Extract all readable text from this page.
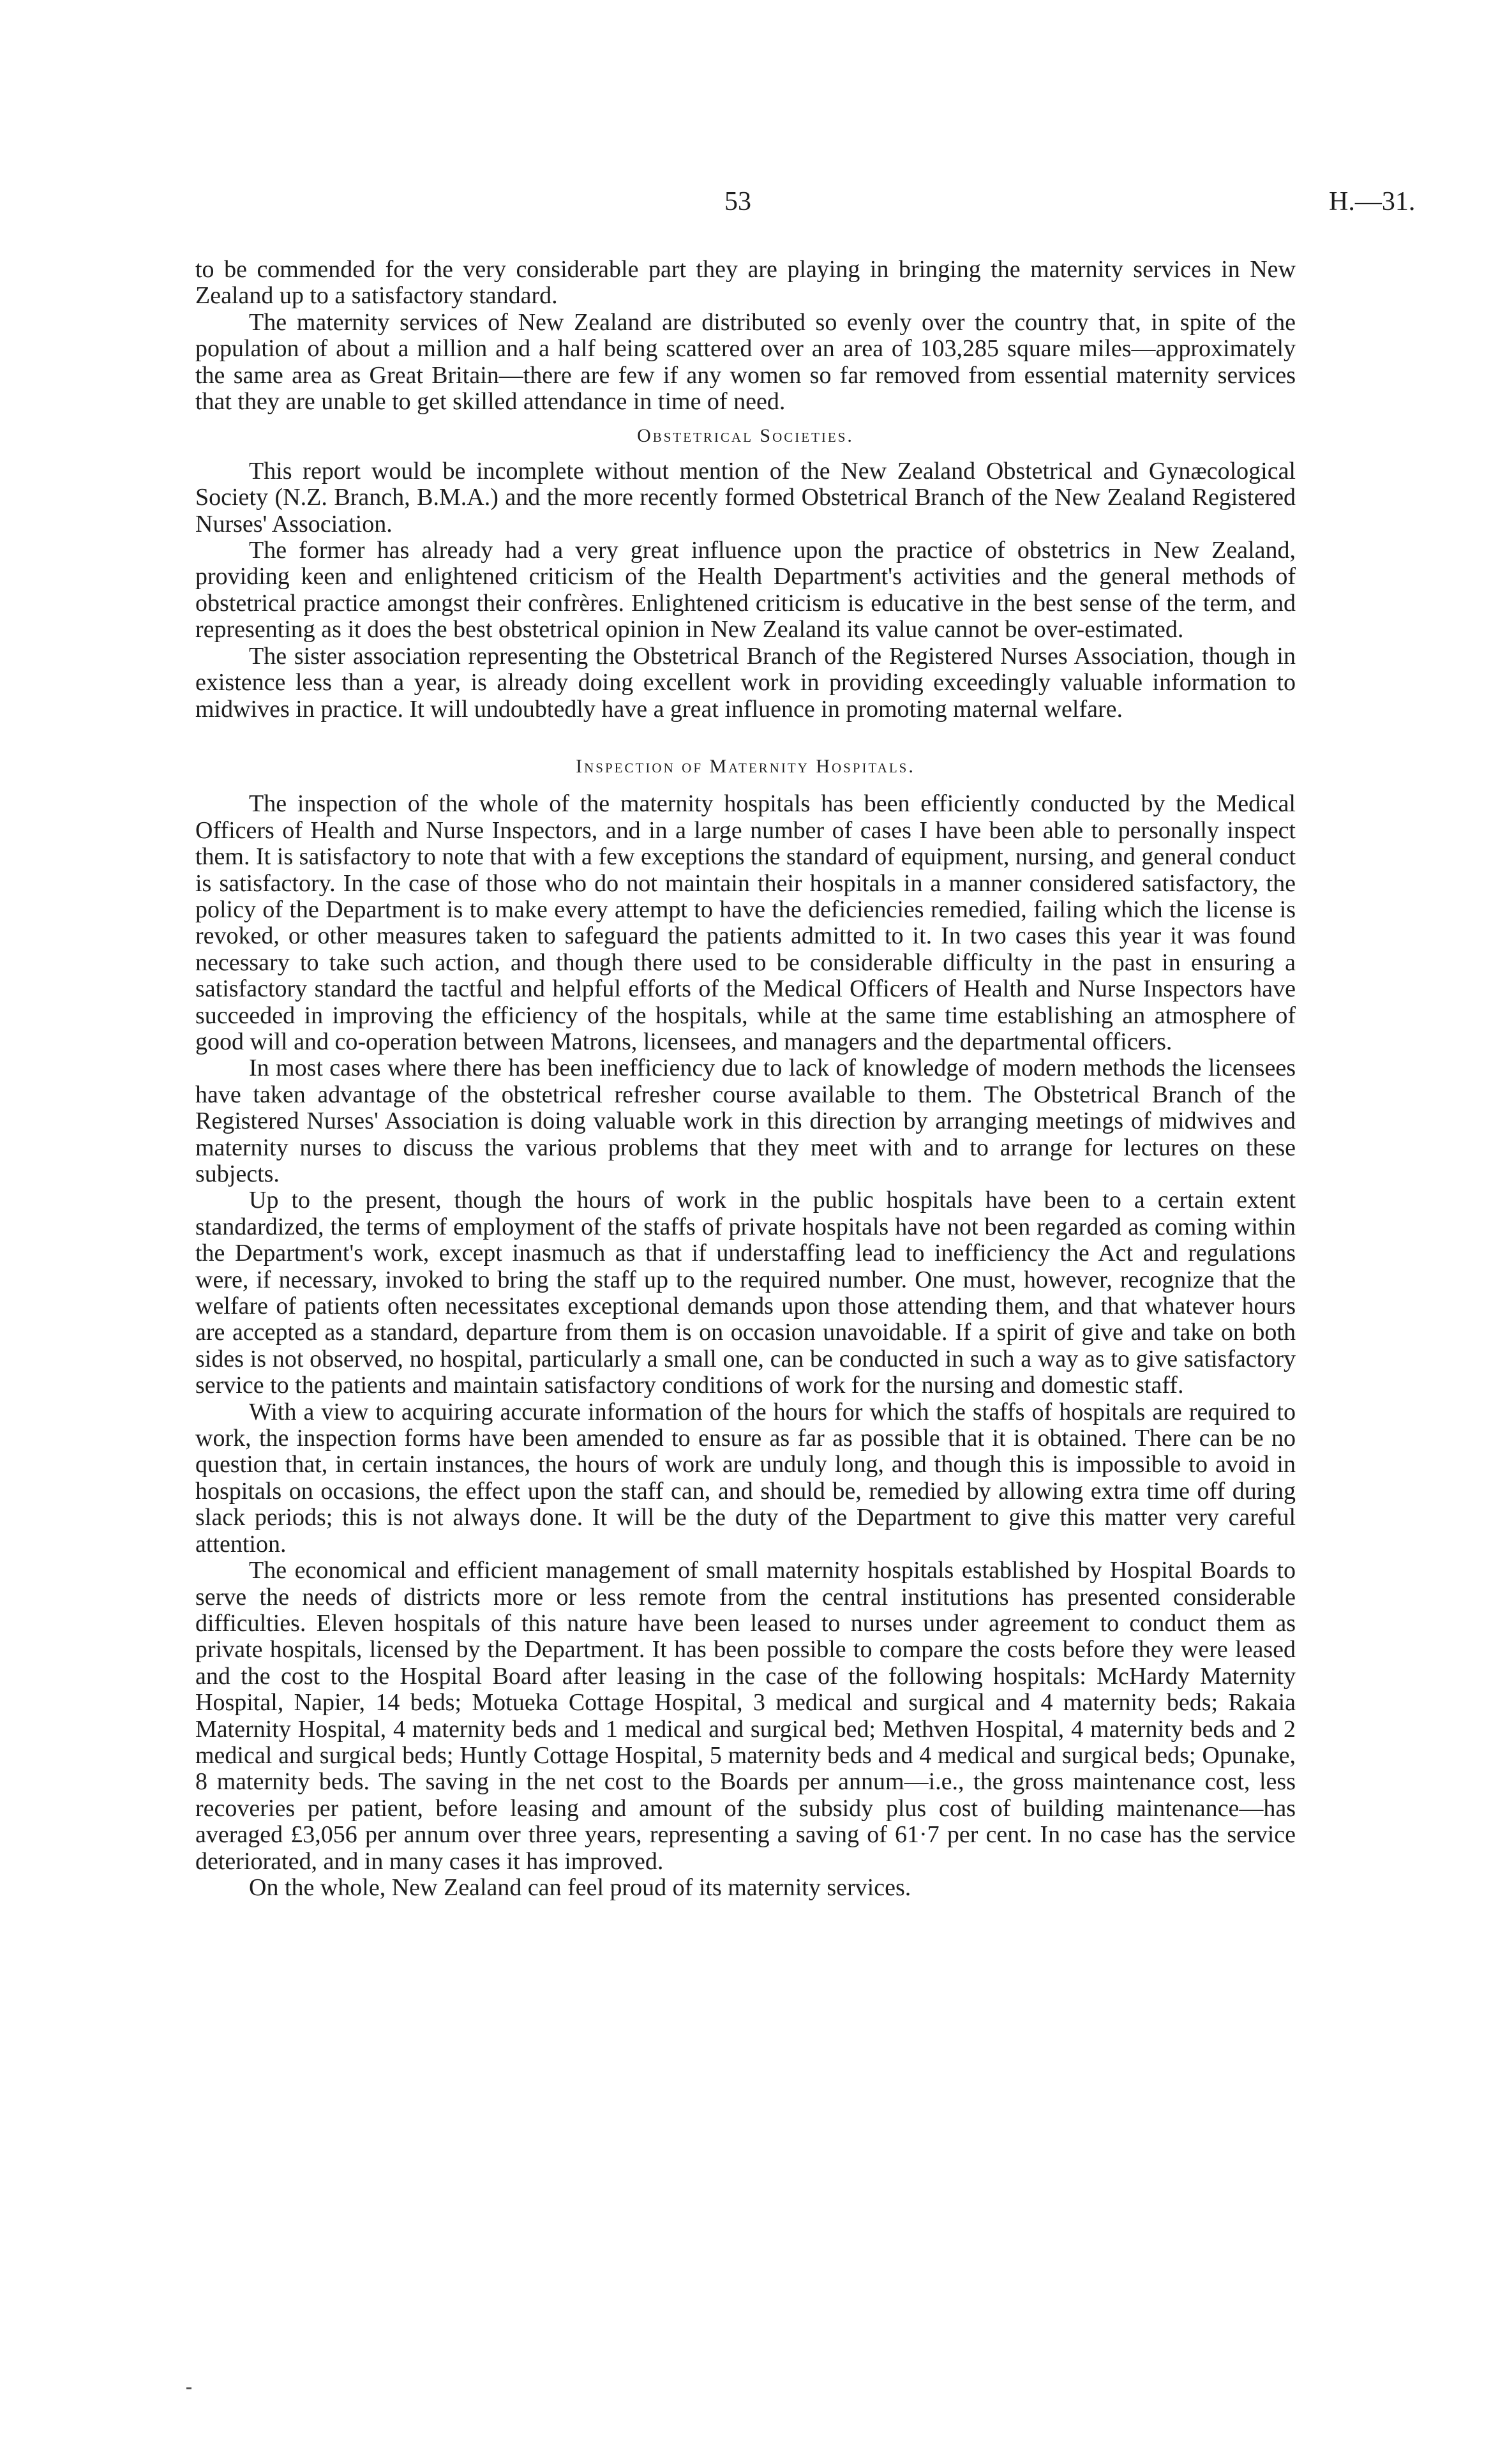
53	H.—31.

to be commended for the very considerable part they are playing in bringing the maternity services in New Zealand up to a satisfactory standard.

The maternity services of New Zealand are distributed so evenly over the country that, in spite of the population of about a million and a half being scattered over an area of 103,285 square miles—approximately the same area as Great Britain—there are few if any women so far removed from essential maternity services that they are unable to get skilled attendance in time of need.

Obstetrical Societies.

This report would be incomplete without mention of the New Zealand Obstetrical and Gynæcological Society (N.Z. Branch, B.M.A.) and the more recently formed Obstetrical Branch of the New Zealand Registered Nurses' Association.

The former has already had a very great influence upon the practice of obstetrics in New Zealand, providing keen and enlightened criticism of the Health Department's activities and the general methods of obstetrical practice amongst their confrères. Enlightened criticism is educative in the best sense of the term, and representing as it does the best obstetrical opinion in New Zealand its value cannot be over-estimated.

The sister association representing the Obstetrical Branch of the Registered Nurses Association, though in existence less than a year, is already doing excellent work in providing exceedingly valuable information to midwives in practice. It will undoubtedly have a great influence in promoting maternal welfare.

Inspection of Maternity Hospitals.

The inspection of the whole of the maternity hospitals has been efficiently conducted by the Medical Officers of Health and Nurse Inspectors, and in a large number of cases I have been able to personally inspect them. It is satisfactory to note that with a few exceptions the standard of equipment, nursing, and general conduct is satisfactory. In the case of those who do not maintain their hospitals in a manner considered satisfactory, the policy of the Department is to make every attempt to have the deficiencies remedied, failing which the license is revoked, or other measures taken to safeguard the patients admitted to it. In two cases this year it was found necessary to take such action, and though there used to be considerable difficulty in the past in ensuring a satisfactory standard the tactful and helpful efforts of the Medical Officers of Health and Nurse Inspectors have succeeded in improving the efficiency of the hospitals, while at the same time establishing an atmosphere of good will and co-operation between Matrons, licensees, and managers and the departmental officers.

In most cases where there has been inefficiency due to lack of knowledge of modern methods the licensees have taken advantage of the obstetrical refresher course available to them. The Obstetrical Branch of the Registered Nurses' Association is doing valuable work in this direction by arranging meetings of midwives and maternity nurses to discuss the various problems that they meet with and to arrange for lectures on these subjects.

Up to the present, though the hours of work in the public hospitals have been to a certain extent standardized, the terms of employment of the staffs of private hospitals have not been regarded as coming within the Department's work, except inasmuch as that if understaffing lead to inefficiency the Act and regulations were, if necessary, invoked to bring the staff up to the required number. One must, however, recognize that the welfare of patients often necessitates exceptional demands upon those attending them, and that whatever hours are accepted as a standard, departure from them is on occasion unavoidable. If a spirit of give and take on both sides is not observed, no hospital, particularly a small one, can be conducted in such a way as to give satisfactory service to the patients and maintain satisfactory conditions of work for the nursing and domestic staff.

With a view to acquiring accurate information of the hours for which the staffs of hospitals are required to work, the inspection forms have been amended to ensure as far as possible that it is obtained. There can be no question that, in certain instances, the hours of work are unduly long, and though this is impossible to avoid in hospitals on occasions, the effect upon the staff can, and should be, remedied by allowing extra time off during slack periods; this is not always done. It will be the duty of the Department to give this matter very careful attention.

The economical and efficient management of small maternity hospitals established by Hospital Boards to serve the needs of districts more or less remote from the central institutions has presented considerable difficulties. Eleven hospitals of this nature have been leased to nurses under agreement to conduct them as private hospitals, licensed by the Department. It has been possible to compare the costs before they were leased and the cost to the Hospital Board after leasing in the case of the following hospitals: McHardy Maternity Hospital, Napier, 14 beds; Motueka Cottage Hospital, 3 medical and surgical and 4 maternity beds; Rakaia Maternity Hospital, 4 maternity beds and 1 medical and surgical bed; Methven Hospital, 4 maternity beds and 2 medical and surgical beds; Huntly Cottage Hospital, 5 maternity beds and 4 medical and surgical beds; Opunake, 8 maternity beds. The saving in the net cost to the Boards per annum—i.e., the gross maintenance cost, less recoveries per patient, before leasing and amount of the subsidy plus cost of building maintenance—has averaged £3,056 per annum over three years, representing a saving of 61·7 per cent. In no case has the service deteriorated, and in many cases it has improved.

On the whole, New Zealand can feel proud of its maternity services.
